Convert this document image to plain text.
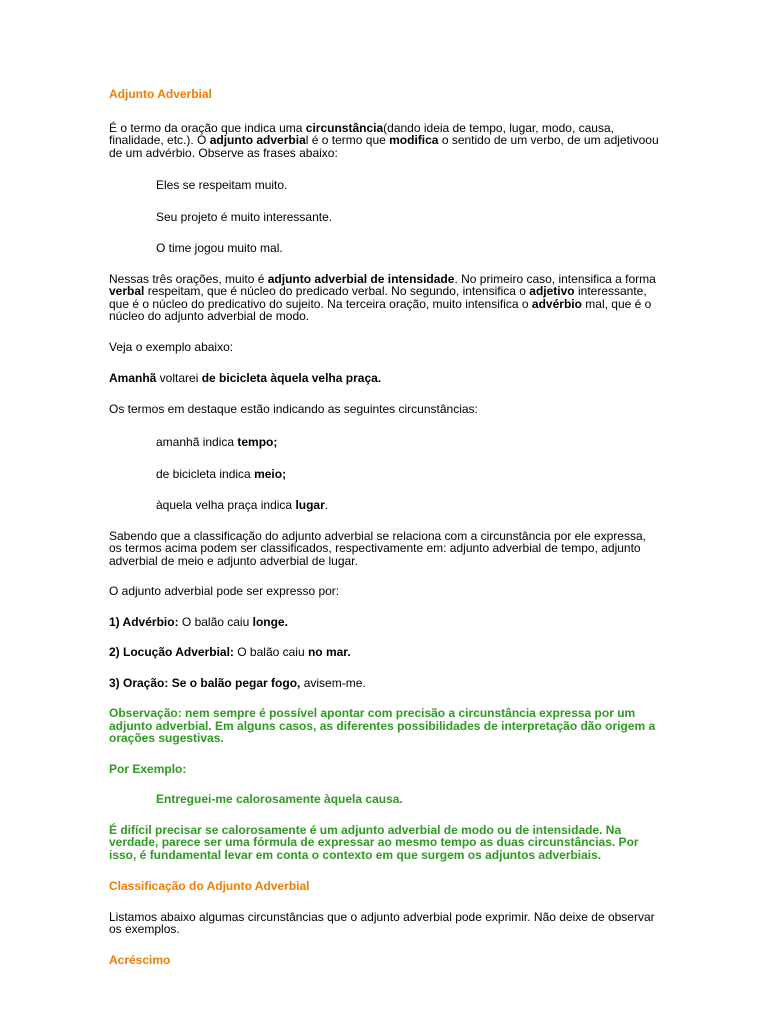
Adjunto Adverbial

É o termo da oração que indica uma circunstância(dando ideia de tempo, lugar, modo, causa, finalidade, etc.). O adjunto adverbial é o termo que modifica o sentido de um verbo, de um adjetivoou de um advérbio. Observe as frases abaixo:

Eles se respeitam muito.

Seu projeto é muito interessante.

O time jogou muito mal.

Nessas três orações, muito é adjunto adverbial de intensidade. No primeiro caso, intensifica a forma verbal respeitam, que é núcleo do predicado verbal. No segundo, intensifica o adjetivo interessante, que é o núcleo do predicativo do sujeito. Na terceira oração, muito intensifica o advérbio mal, que é o núcleo do adjunto adverbial de modo.

Veja o exemplo abaixo:

Amanhã voltarei de bicicleta àquela velha praça.

Os termos em destaque estão indicando as seguintes circunstâncias:

amanhã indica tempo;

de bicicleta indica meio;

àquela velha praça indica lugar.

Sabendo que a classificação do adjunto adverbial se relaciona com a circunstância por ele expressa, os termos acima podem ser classificados, respectivamente em: adjunto adverbial de tempo, adjunto adverbial de meio e adjunto adverbial de lugar.

O adjunto adverbial pode ser expresso por:

1) Advérbio: O balão caiu longe.

2) Locução Adverbial: O balão caiu no mar.

3) Oração: Se o balão pegar fogo, avisem-me.

Observação: nem sempre é possível apontar com precisão a circunstância expressa por um adjunto adverbial. Em alguns casos, as diferentes possibilidades de interpretação dão origem a orações sugestivas.

Por Exemplo:

Entreguei-me calorosamente àquela causa.

É difícil precisar se calorosamente é um adjunto adverbial de modo ou de intensidade. Na verdade, parece ser uma fórmula de expressar ao mesmo tempo as duas circunstâncias. Por isso, é fundamental levar em conta o contexto em que surgem os adjuntos adverbiais.

Classificação do Adjunto Adverbial

Listamos abaixo algumas circunstâncias que o adjunto adverbial pode exprimir. Não deixe de observar os exemplos.

Acréscimo
